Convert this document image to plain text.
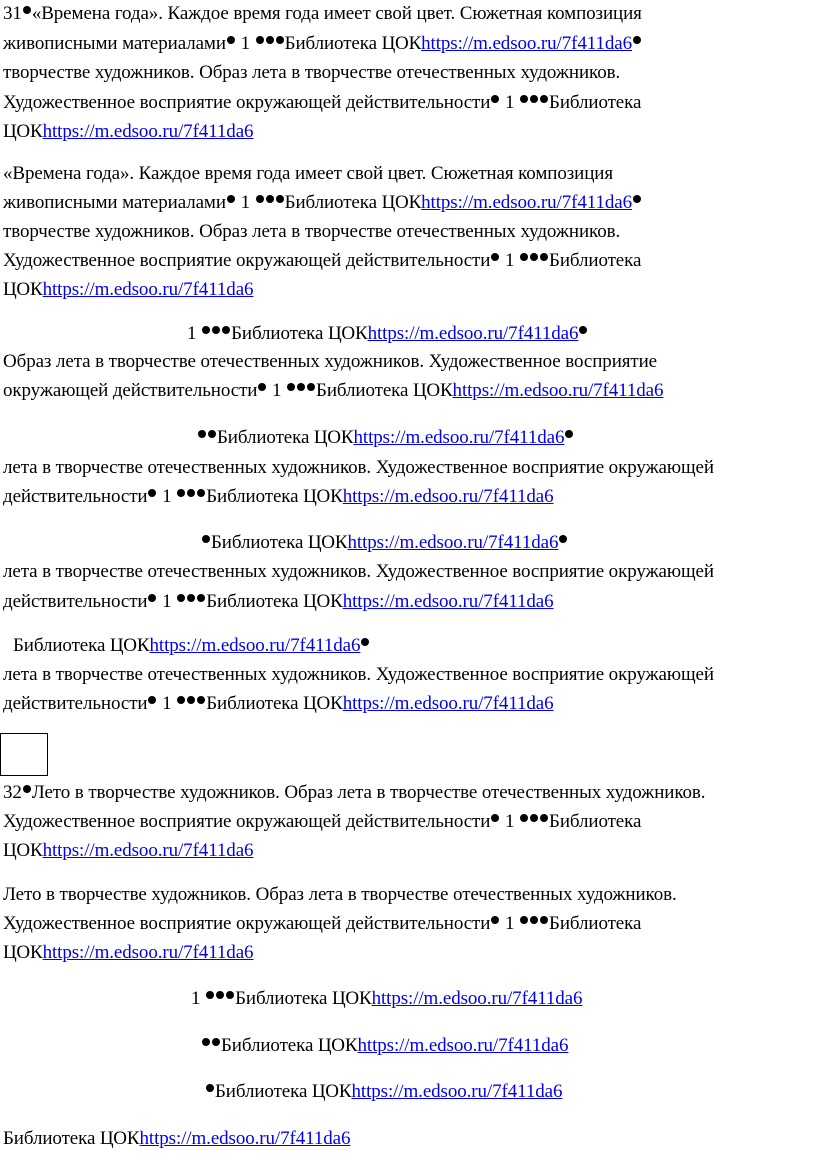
31 «Времена года». Каждое время года имеет свой цвет. Сюжетная композиция
живописными материалами 1 Библиотека ЦОКhttps://m.edsoo.ru/7f411da6
творчестве художников. Образ лета в творчестве отечественных художников.
Художественное восприятие окружающей действительности 1 Библиотека
ЦОКhttps://m.edsoo.ru/7f411da6
«Времена года». Каждое время года имеет свой цвет. Сюжетная композиция
живописными материалами 1 Библиотека ЦОКhttps://m.edsoo.ru/7f411da6
творчестве художников. Образ лета в творчестве отечественных художников.
Художественное восприятие окружающей действительности 1 Библиотека
ЦОКhttps://m.edsoo.ru/7f411da6
1 Библиотека ЦОКhttps://m.edsoo.ru/7f411da6
Образ лета в творчестве отечественных художников. Художественное восприятие
окружающей действительности 1 Библиотека ЦОКhttps://m.edsoo.ru/7f411da6
Библиотека ЦОКhttps://m.edsoo.ru/7f411da6
лета в творчестве отечественных художников. Художественное восприятие окружающей
действительности 1 Библиотека ЦОКhttps://m.edsoo.ru/7f411da6
Библиотека ЦОКhttps://m.edsoo.ru/7f411da6
лета в творчестве отечественных художников. Художественное восприятие окружающей
действительности 1 Библиотека ЦОКhttps://m.edsoo.ru/7f411da6
Библиотека ЦОКhttps://m.edsoo.ru/7f411da6
лета в творчестве отечественных художников. Художественное восприятие окружающей
действительности 1 Библиотека ЦОКhttps://m.edsoo.ru/7f411da6
32 Лето в творчестве художников. Образ лета в творчестве отечественных художников.
Художественное восприятие окружающей действительности 1 Библиотека
ЦОКhttps://m.edsoo.ru/7f411da6
Лето в творчестве художников. Образ лета в творчестве отечественных художников.
Художественное восприятие окружающей действительности 1 Библиотека
ЦОКhttps://m.edsoo.ru/7f411da6
1 Библиотека ЦОКhttps://m.edsoo.ru/7f411da6
Библиотека ЦОКhttps://m.edsoo.ru/7f411da6
Библиотека ЦОКhttps://m.edsoo.ru/7f411da6
Библиотека ЦОКhttps://m.edsoo.ru/7f411da6
